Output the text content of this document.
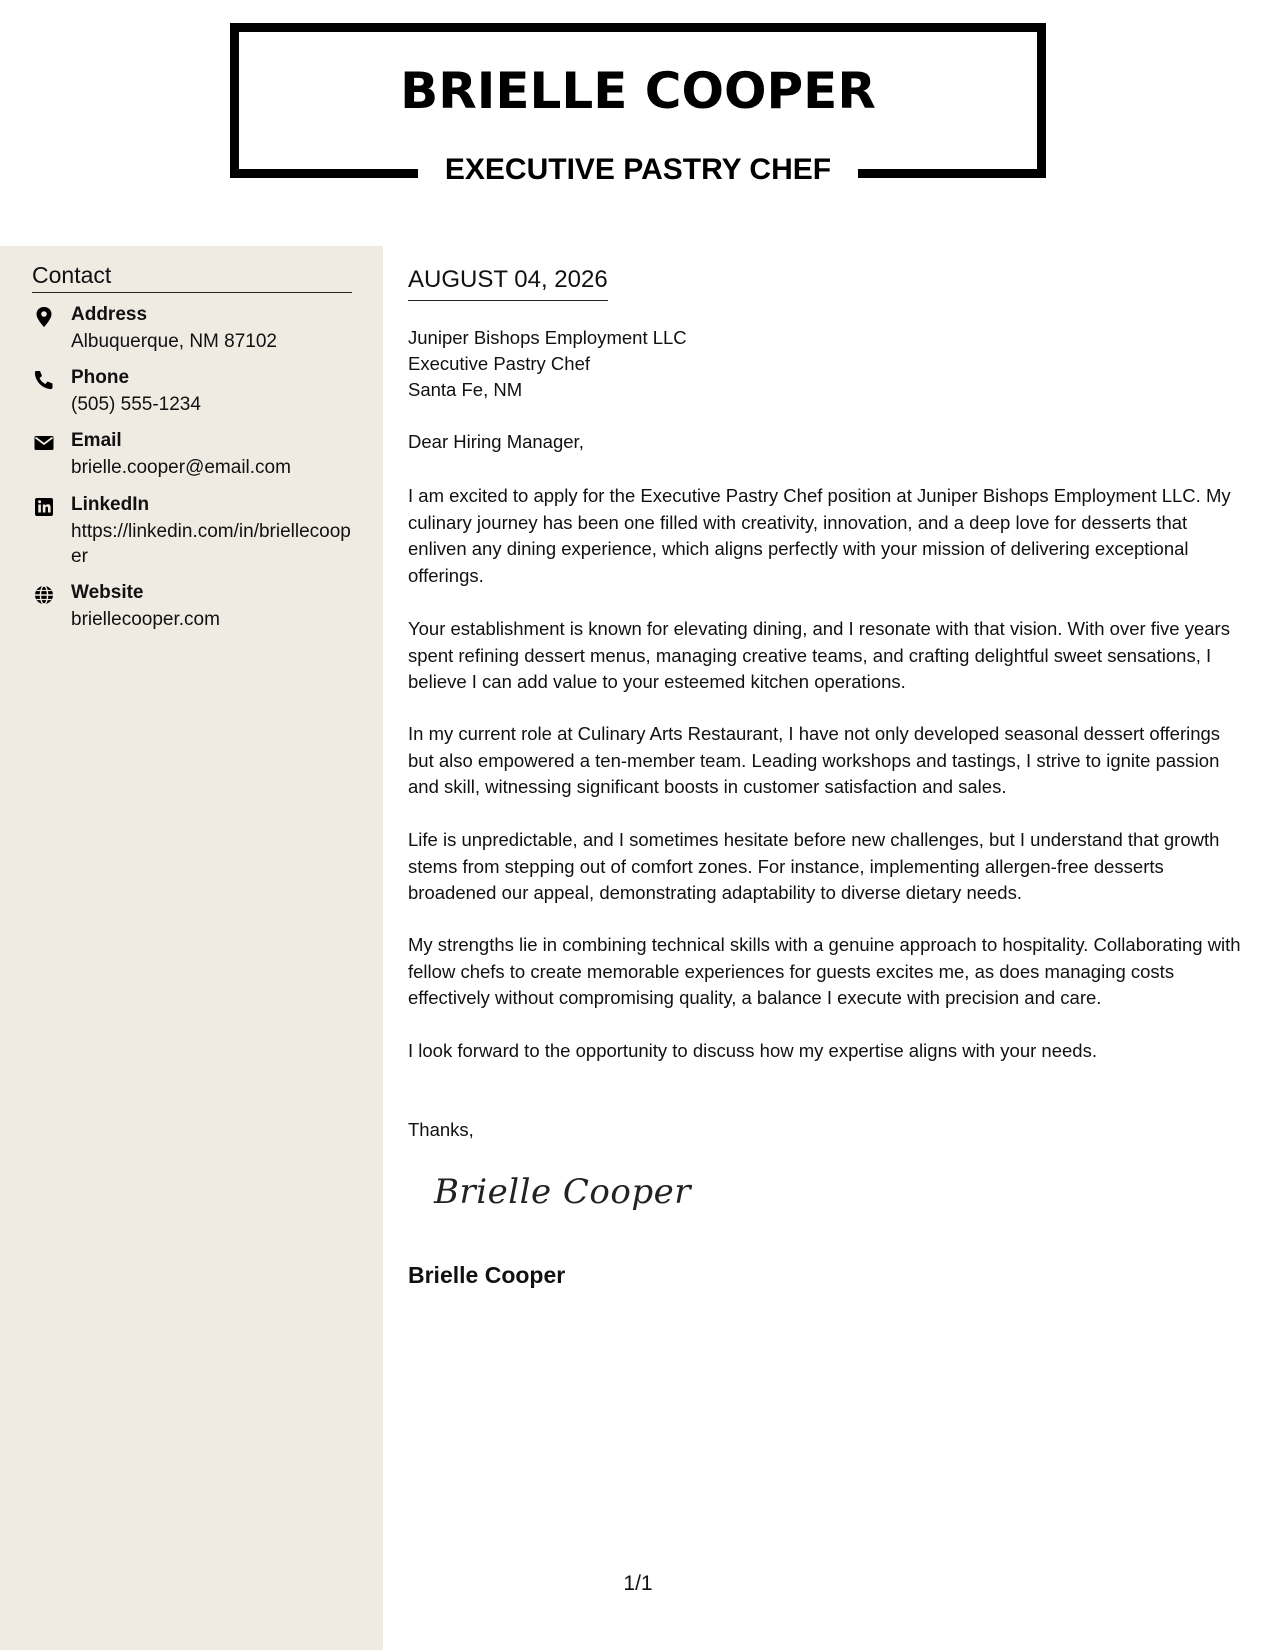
BRIELLE COOPER
EXECUTIVE PASTRY CHEF
Contact
Address
Albuquerque, NM 87102
Phone
(505) 555-1234
Email
brielle.cooper@email.com
LinkedIn
https://linkedin.com/in/briellecooper
Website
briellecooper.com
AUGUST 04, 2026
Juniper Bishops Employment LLC
Executive Pastry Chef
Santa Fe, NM
Dear Hiring Manager,
I am excited to apply for the Executive Pastry Chef position at Juniper Bishops Employment LLC. My culinary journey has been one filled with creativity, innovation, and a deep love for desserts that enliven any dining experience, which aligns perfectly with your mission of delivering exceptional offerings.
Your establishment is known for elevating dining, and I resonate with that vision. With over five years spent refining dessert menus, managing creative teams, and crafting delightful sweet sensations, I believe I can add value to your esteemed kitchen operations.
In my current role at Culinary Arts Restaurant, I have not only developed seasonal dessert offerings but also empowered a ten-member team. Leading workshops and tastings, I strive to ignite passion and skill, witnessing significant boosts in customer satisfaction and sales.
Life is unpredictable, and I sometimes hesitate before new challenges, but I understand that growth stems from stepping out of comfort zones. For instance, implementing allergen-free desserts broadened our appeal, demonstrating adaptability to diverse dietary needs.
My strengths lie in combining technical skills with a genuine approach to hospitality. Collaborating with fellow chefs to create memorable experiences for guests excites me, as does managing costs effectively without compromising quality, a balance I execute with precision and care.
I look forward to the opportunity to discuss how my expertise aligns with your needs.
Thanks,
Brielle Cooper
Brielle Cooper
1/1
